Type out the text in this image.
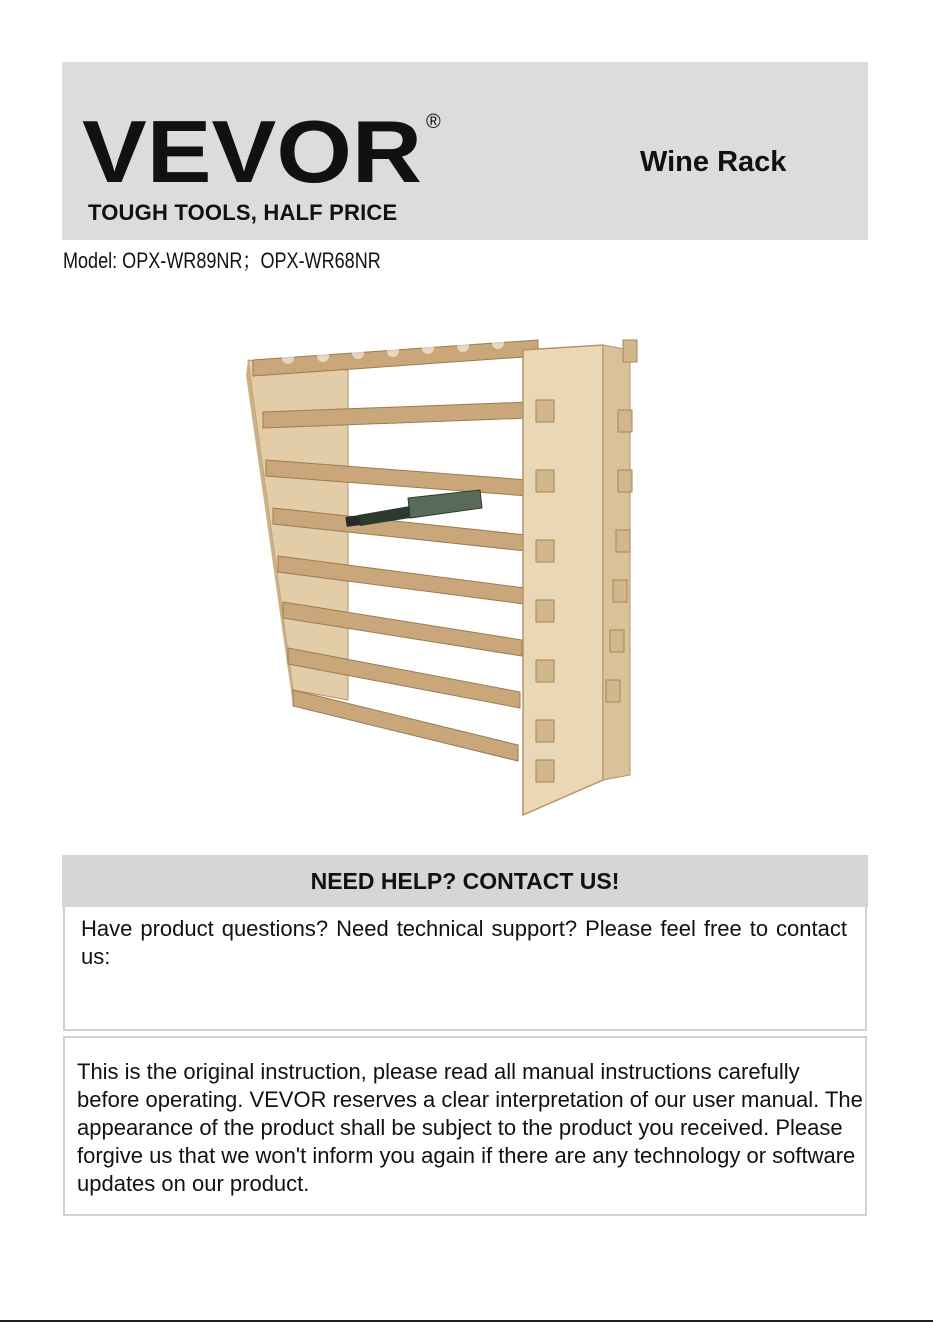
VEVOR ®
TOUGH TOOLS, HALF PRICE
Wine Rack
Model: OPX-WR89NR；OPX-WR68NR
NEED HELP? CONTACT US!
Have product questions? Need technical support? Please feel free to contact us:
This is the original instruction, please read all manual instructions carefully before operating. VEVOR reserves a clear interpretation of our user manual. The appearance of the product shall be subject to the product you received. Please forgive us that we won't inform you again if there are any technology or software updates on our product.
